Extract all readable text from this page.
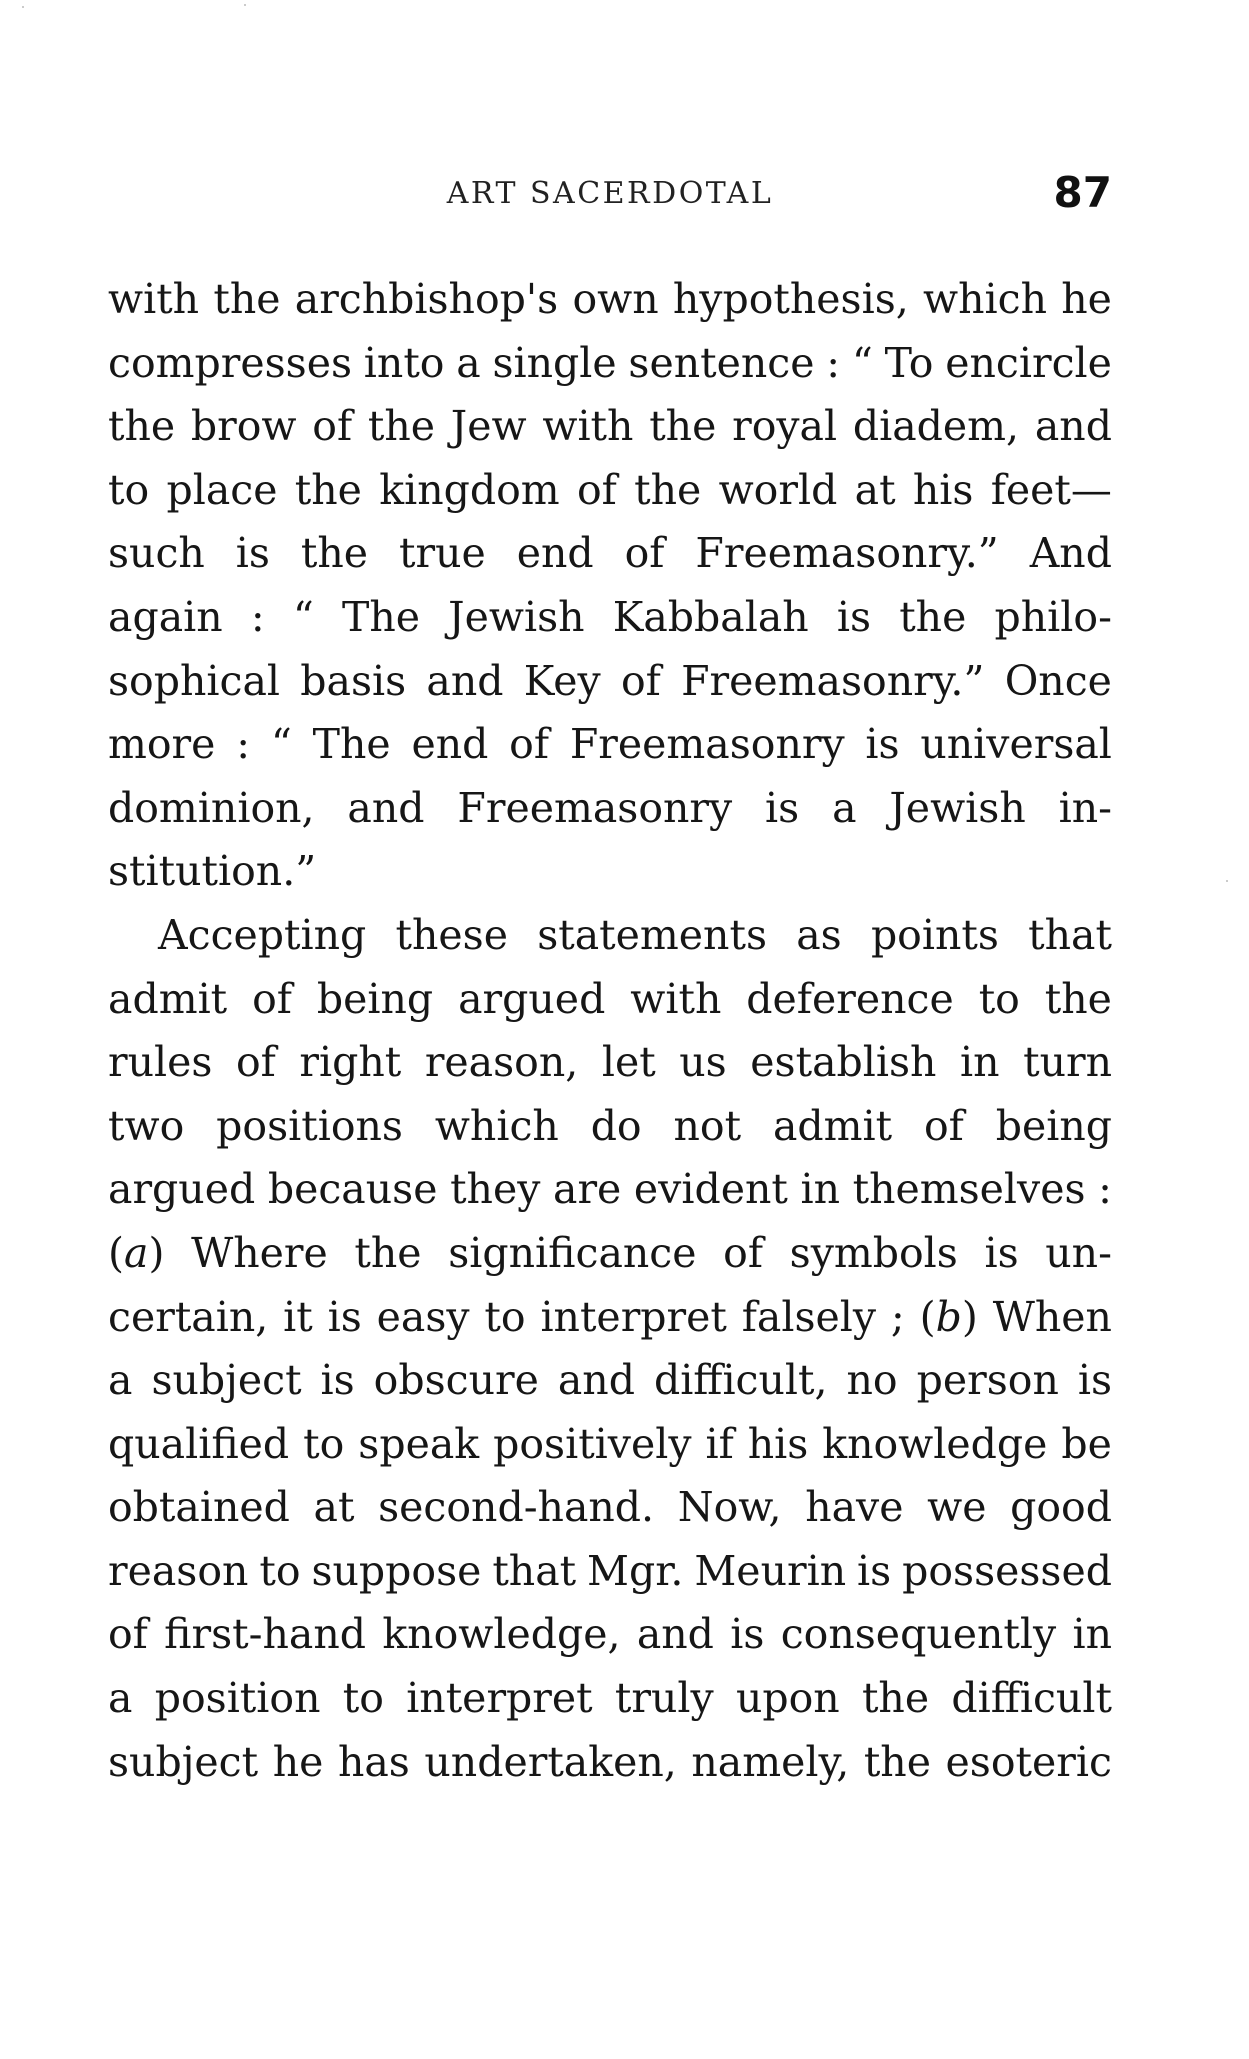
ART SACERDOTAL	87
with the archbishop's own hypothesis, which he
compresses into a single sentence : “ To encircle
the brow of the Jew with the royal diadem, and
to place the kingdom of the world at his feet—
such is the true end of Freemasonry.” And
again : “ The Jewish Kabbalah is the philo-
sophical basis and Key of Freemasonry.” Once
more : “ The end of Freemasonry is universal
dominion, and Freemasonry is a Jewish in-
stitution.”
Accepting these statements as points that
admit of being argued with deference to the
rules of right reason, let us establish in turn
two positions which do not admit of being
argued because they are evident in themselves :
(a) Where the significance of symbols is un-
certain, it is easy to interpret falsely ; (b) When
a subject is obscure and difficult, no person is
qualified to speak positively if his knowledge be
obtained at second-hand. Now, have we good
reason to suppose that Mgr. Meurin is possessed
of first-hand knowledge, and is consequently in
a position to interpret truly upon the difficult
subject he has undertaken, namely, the esoteric
